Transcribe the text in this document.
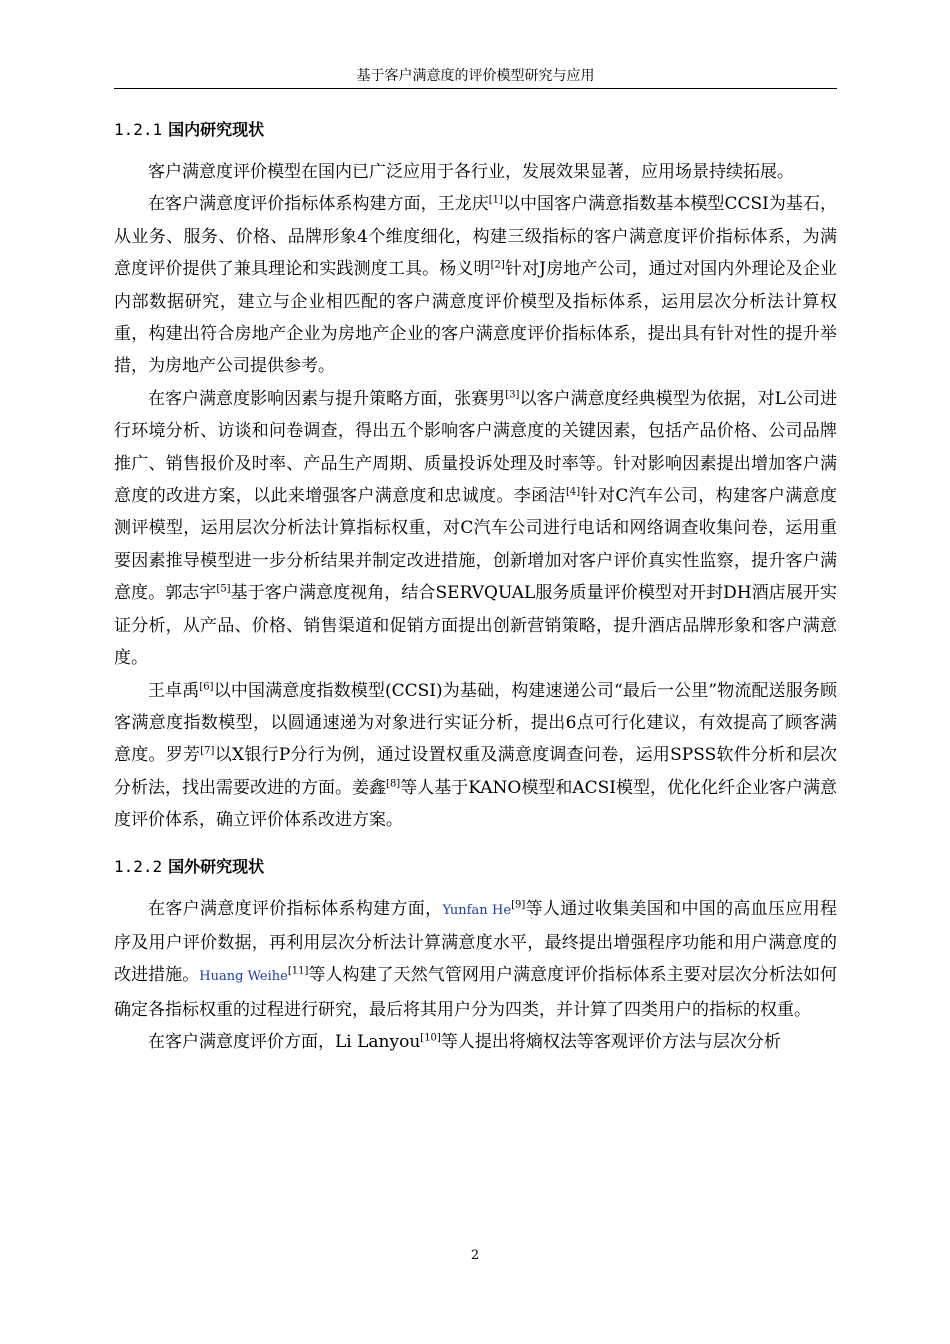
基于客户满意度的评价模型研究与应用
1.2.1 国内研究现状

客户满意度评价模型在国内已广泛应用于各行业，发展效果显著，应用场景持续拓展。

在客户满意度评价指标体系构建方面，王龙庆[1]以中国客户满意指数基本模型CCSI为基石，从业务、服务、价格、品牌形象4个维度细化，构建三级指标的客户满意度评价指标体系，为满意度评价提供了兼具理论和实践测度工具。杨义明[2]针对J房地产公司，通过对国内外理论及企业内部数据研究，建立与企业相匹配的客户满意度评价模型及指标体系，运用层次分析法计算权重，构建出符合房地产企业为房地产企业的客户满意度评价指标体系，提出具有针对性的提升举措，为房地产公司提供参考。

在客户满意度影响因素与提升策略方面，张赛男[3]以客户满意度经典模型为依据，对L公司进行环境分析、访谈和问卷调查，得出五个影响客户满意度的关键因素，包括产品价格、公司品牌推广、销售报价及时率、产品生产周期、质量投诉处理及时率等。针对影响因素提出增加客户满意度的改进方案，以此来增强客户满意度和忠诚度。李函洁[4]针对C汽车公司，构建客户满意度测评模型，运用层次分析法计算指标权重，对C汽车公司进行电话和网络调查收集问卷，运用重要因素推导模型进一步分析结果并制定改进措施，创新增加对客户评价真实性监察，提升客户满意度。郭志宇[5]基于客户满意度视角，结合SERVQUAL服务质量评价模型对开封DH酒店展开实证分析，从产品、价格、销售渠道和促销方面提出创新营销策略，提升酒店品牌形象和客户满意度。

王卓禹[6]以中国满意度指数模型(CCSI)为基础，构建速递公司“最后一公里”物流配送服务顾客满意度指数模型，以圆通速递为对象进行实证分析，提出6点可行化建议，有效提高了顾客满意度。罗芳[7]以X银行P分行为例，通过设置权重及满意度调查问卷，运用SPSS软件分析和层次分析法，找出需要改进的方面。姜鑫[8]等人基于KANO模型和ACSI模型，优化化纤企业客户满意度评价体系，确立评价体系改进方案。

1.2.2 国外研究现状

在客户满意度评价指标体系构建方面，Yunfan He[9]等人通过收集美国和中国的高血压应用程序及用户评价数据，再利用层次分析法计算满意度水平，最终提出增强程序功能和用户满意度的改进措施。Huang Weihe[11]等人构建了天然气管网用户满意度评价指标体系主要对层次分析法如何确定各指标权重的过程进行研究，最后将其用户分为四类，并计算了四类用户的指标的权重。

在客户满意度评价方面，Li Lanyou[10]等人提出将熵权法等客观评价方法与层次分析

2
